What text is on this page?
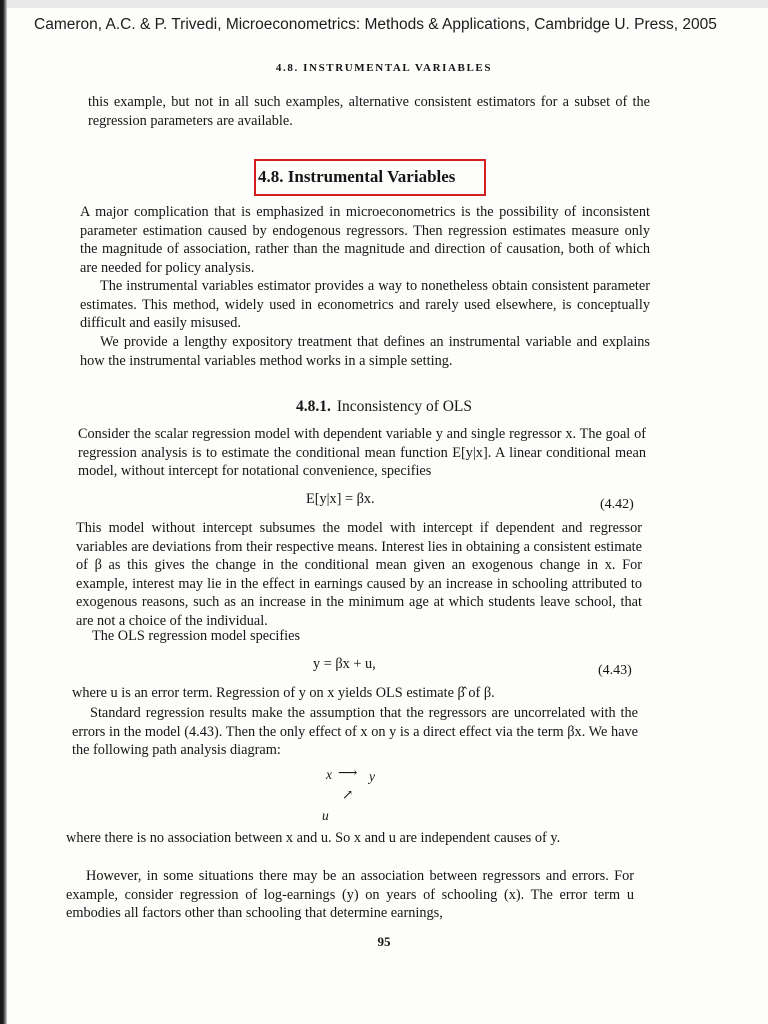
Cameron, A.C. & P. Trivedi, Microeconometrics: Methods & Applications, Cambridge U. Press, 2005
4.8. INSTRUMENTAL VARIABLES

this example, but not in all such examples, alternative consistent estimators for a subset of the regression parameters are available.

4.8. Instrumental Variables

A major complication that is emphasized in microeconometrics is the possibility of inconsistent parameter estimation caused by endogenous regressors. Then regression estimates measure only the magnitude of association, rather than the magnitude and direction of causation, both of which are needed for policy analysis.

The instrumental variables estimator provides a way to nonetheless obtain consistent parameter estimates. This method, widely used in econometrics and rarely used elsewhere, is conceptually difficult and easily misused.

We provide a lengthy expository treatment that defines an instrumental variable and explains how the instrumental variables method works in a simple setting.

4.8.1. Inconsistency of OLS

Consider the scalar regression model with dependent variable y and single regressor x. The goal of regression analysis is to estimate the conditional mean function E[y|x]. A linear conditional mean model, without intercept for notational convenience, specifies

E[y|x] = βx.	(4.42)

This model without intercept subsumes the model with intercept if dependent and regressor variables are deviations from their respective means. Interest lies in obtaining a consistent estimate of β as this gives the change in the conditional mean given an exogenous change in x. For example, interest may lie in the effect in earnings caused by an increase in schooling attributed to exogenous reasons, such as an increase in the minimum age at which students leave school, that are not a choice of the individual.

The OLS regression model specifies

y = βx + u,	(4.43)

where u is an error term. Regression of y on x yields OLS estimate β̂ of β.

Standard regression results make the assumption that the regressors are uncorrelated with the errors in the model (4.43). Then the only effect of x on y is a direct effect via the term βx. We have the following path analysis diagram:

x ⟶ y
↗
u

where there is no association between x and u. So x and u are independent causes of y.

However, in some situations there may be an association between regressors and errors. For example, consider regression of log-earnings (y) on years of schooling (x). The error term u embodies all factors other than schooling that determine earnings,

95
